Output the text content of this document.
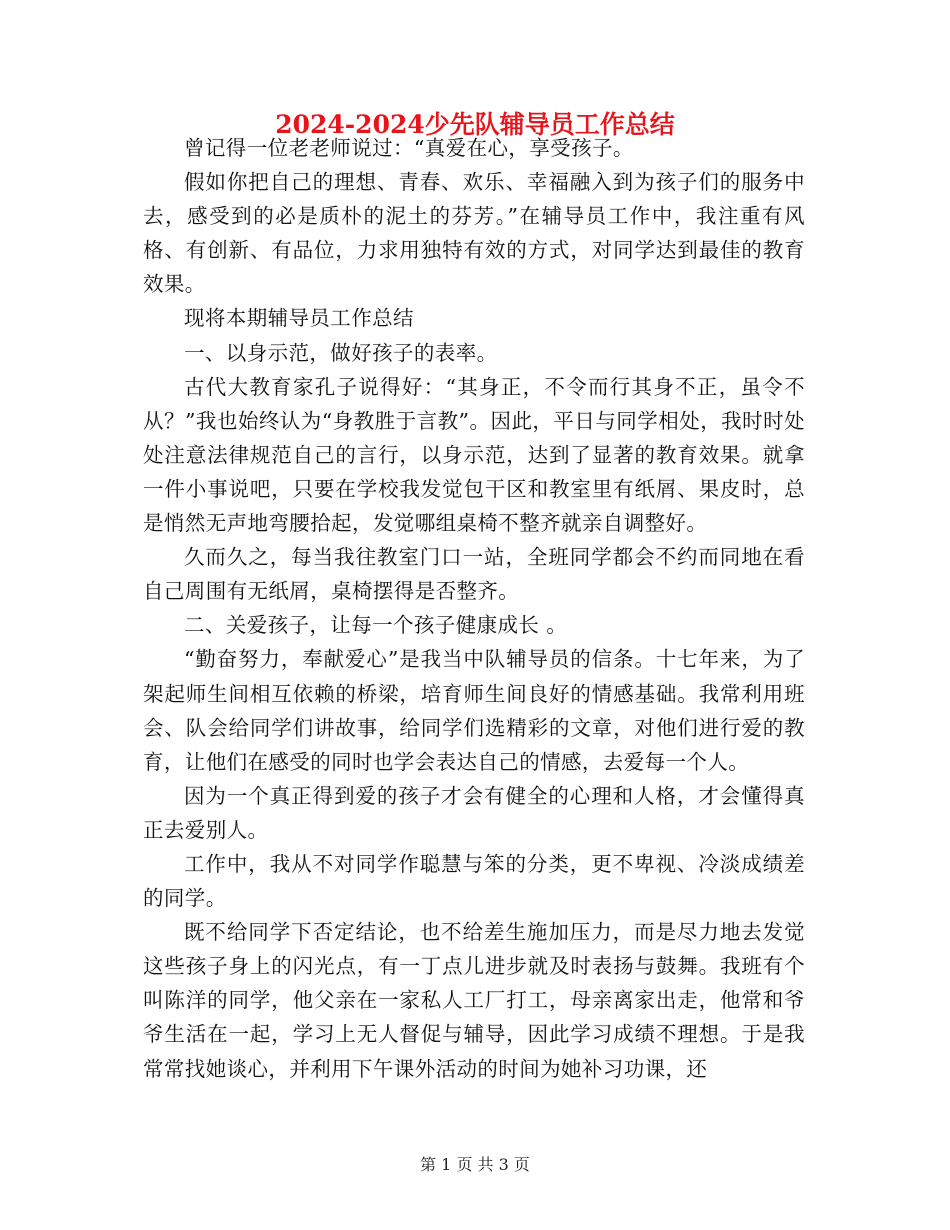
2024-2024少先队辅导员工作总结

曾记得一位老老师说过：“真爱在心，享受孩子。

假如你把自己的理想、青春、欢乐、幸福融入到为孩子们的服务中去，感受到的必是质朴的泥土的芬芳。”在辅导员工作中，我注重有风格、有创新、有品位，力求用独特有效的方式，对同学达到最佳的教育效果。

现将本期辅导员工作总结

一、以身示范，做好孩子的表率。

古代大教育家孔子说得好：“其身正，不令而行其身不正，虽令不从？”我也始终认为“身教胜于言教”。因此，平日与同学相处，我时时处处注意法律规范自己的言行，以身示范，达到了显著的教育效果。就拿一件小事说吧，只要在学校我发觉包干区和教室里有纸屑、果皮时，总是悄然无声地弯腰拾起，发觉哪组桌椅不整齐就亲自调整好。

久而久之，每当我往教室门口一站，全班同学都会不约而同地在看自己周围有无纸屑，桌椅摆得是否整齐。

二、关爱孩子，让每一个孩子健康成长 。

“勤奋努力，奉献爱心”是我当中队辅导员的信条。十七年来，为了架起师生间相互依赖的桥梁，培育师生间良好的情感基础。我常利用班会、队会给同学们讲故事，给同学们选精彩的文章，对他们进行爱的教育，让他们在感受的同时也学会表达自己的情感，去爱每一个人。

因为一个真正得到爱的孩子才会有健全的心理和人格，才会懂得真正去爱别人。

工作中，我从不对同学作聪慧与笨的分类，更不卑视、冷淡成绩差的同学。

既不给同学下否定结论，也不给差生施加压力，而是尽力地去发觉这些孩子身上的闪光点，有一丁点儿进步就及时表扬与鼓舞。我班有个叫陈洋的同学，他父亲在一家私人工厂打工，母亲离家出走，他常和爷爷生活在一起，学习上无人督促与辅导，因此学习成绩不理想。于是我常常找她谈心，并利用下午课外活动的时间为她补习功课，还

第 1 页 共 3 页
